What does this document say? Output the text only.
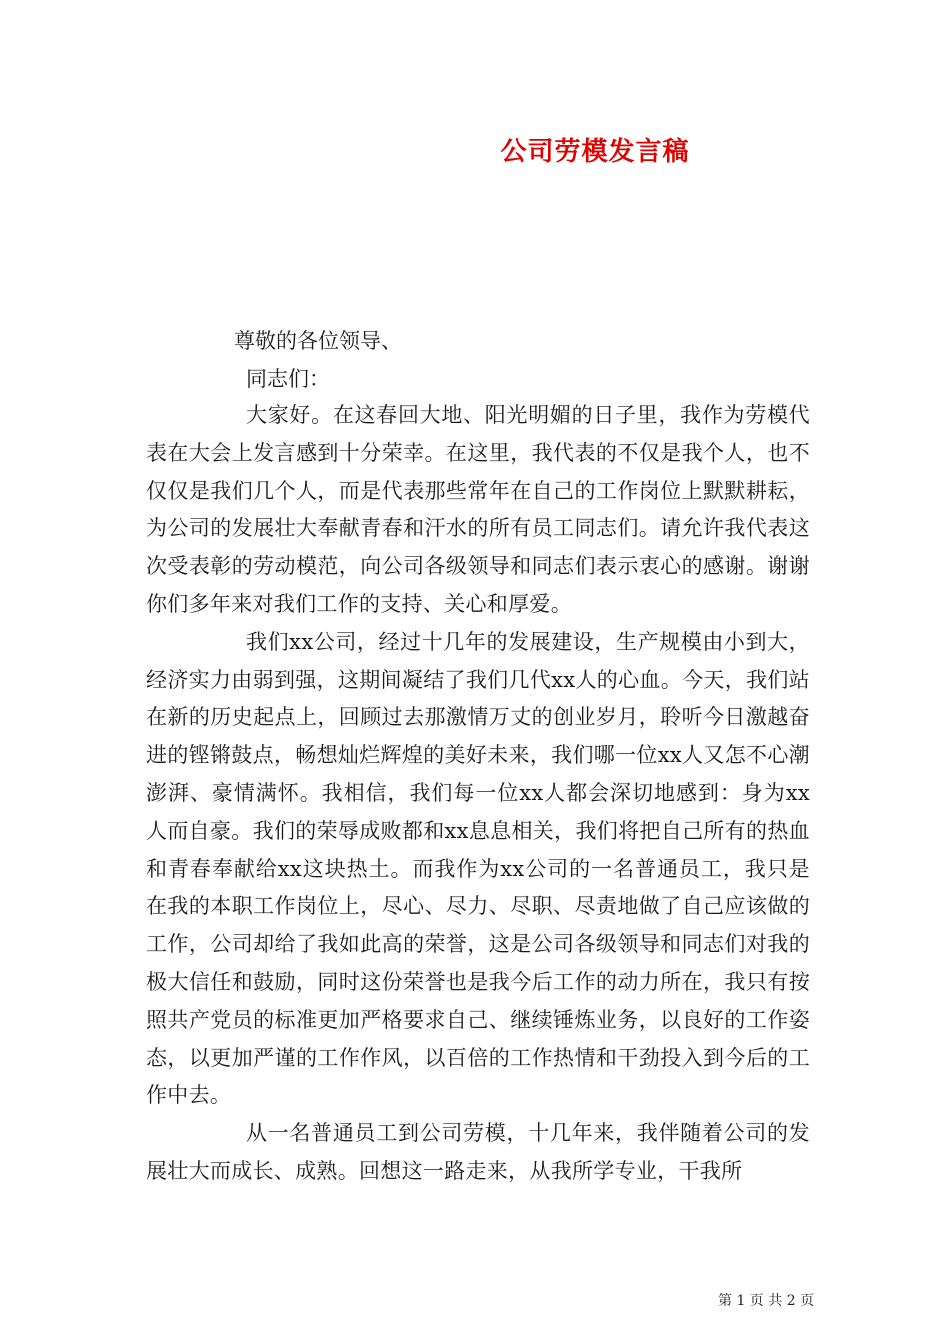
公司劳模发言稿
尊敬的各位领导、
同志们：

大家好。在这春回大地、阳光明媚的日子里，我作为劳模代表在大会上发言感到十分荣幸。在这里，我代表的不仅是我个人，也不仅仅是我们几个人，而是代表那些常年在自己的工作岗位上默默耕耘，为公司的发展壮大奉献青春和汗水的所有员工同志们。请允许我代表这次受表彰的劳动模范，向公司各级领导和同志们表示衷心的感谢。谢谢你们多年来对我们工作的支持、关心和厚爱。

我们xx公司，经过十几年的发展建设，生产规模由小到大，经济实力由弱到强，这期间凝结了我们几代xx人的心血。今天，我们站在新的历史起点上，回顾过去那激情万丈的创业岁月，聆听今日激越奋进的铿锵鼓点，畅想灿烂辉煌的美好未来，我们哪一位xx人又怎不心潮澎湃、豪情满怀。我相信，我们每一位xx人都会深切地感到：身为xx人而自豪。我们的荣辱成败都和xx息息相关，我们将把自己所有的热血和青春奉献给xx这块热土。而我作为xx公司的一名普通员工，我只是在我的本职工作岗位上，尽心、尽力、尽职、尽责地做了自己应该做的工作，公司却给了我如此高的荣誉，这是公司各级领导和同志们对我的极大信任和鼓励，同时这份荣誉也是我今后工作的动力所在，我只有按照共产党员的标准更加严格要求自己、继续锤炼业务，以良好的工作姿态，以更加严谨的工作作风，以百倍的工作热情和干劲投入到今后的工作中去。

从一名普通员工到公司劳模，十几年来，我伴随着公司的发展壮大而成长、成熟。回想这一路走来，从我所学专业，干我所

第 1 页 共 2 页
